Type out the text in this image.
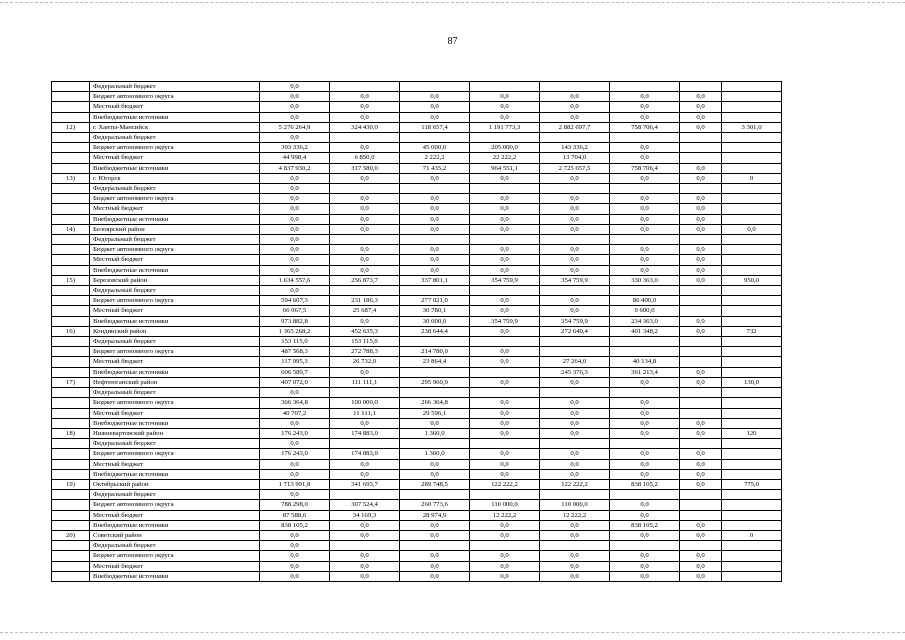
87
	Федеральный бюджет	0,0							
	Бюджет автономного округа	0,0	0,0	0,0	0,0	0,0	0,0	0,0	
	Местный бюджет	0,0	0,0	0,0	0,0	0,0	0,0	0,0	
	Внебюджетные источники	0,0	0,0	0,0	0,0	0,0	0,0	0,0	
12)	г. Ханты-Мансийск	5 276 264,9	324 430,0	118 657,4	1 191 773,3	2 882 697,7	758 706,4	0,0	3 301,0
	Федеральный бюджет	0,0							
	Бюджет автономного округа	393 336,2	0,0	45 000,0	205 000,0	143 336,2	0,0		
	Местный бюджет	44 998,4	6 850,0	2 222,2	22 222,2	13 704,0	0,0		
	Внебюджетные источники	4 837 930,2	317 580,0	71 435,2	964 551,1	2 725 657,5	758 706,4	0,0	
13)	г. Югорск	0,0	0,0	0,0	0,0	0,0	0,0	0,0	0
	Федеральный бюджет	0,0							
	Бюджет автономного округа	0,0	0,0	0,0	0,0	0,0	0,0	0,0	
	Местный бюджет	0,0	0,0	0,0	0,0	0,0	0,0	0,0	
	Внебюджетные источники	0,0	0,0	0,0	0,0	0,0	0,0	0,0	
14)	Белоярский район	0,0	0,0	0,0	0,0	0,0	0,0	0,0	0,0
	Федеральный бюджет	0,0							
	Бюджет автономного округа	0,0	0,0	0,0	0,0	0,0	0,0	0,0	
	Местный бюджет	0,0	0,0	0,0	0,0	0,0	0,0	0,0	
	Внебюджетные источники	0,0	0,0	0,0	0,0	0,0	0,0	0,0	
15)	Березовский район	1 634 557,6	256 873,7	337 801,1	354 759,9	354 759,9	330 363,0	0,0	950,0
	Федеральный бюджет	0,0							
	Бюджет автономного округа	594 607,3	231 186,3	277 021,0	0,0	0,0	86 400,0		
	Местный бюджет	66 067,5	25 687,4	30 780,1	0,0	0,0	9 600,0		
	Внебюджетные источники	973 882,8	0,0	30 000,0	354 759,9	354 759,9	234 363,0	0,0	
16)	Кондинский район	1 365 268,2	452 635,3	238 644,4	0,0	272 640,4	401 348,2	0,0	732
	Федеральный бюджет	153 115,0	153 115,0						
	Бюджет автономного округа	487 568,3	272 788,3	214 780,0	0,0				
	Местный бюджет	117 995,3	26 732,0	23 864,4	0,0	27 264,0	40 134,8		
	Внебюджетные источники	606 589,7	0,0			245 376,3	361 213,4	0,0	
17)	Нефтеюганский район	407 072,0	111 111,1	295 960,9	0,0	0,0	0,0	0,0	130,0
	Федеральный бюджет	0,0							
	Бюджет автономного округа	366 364,8	100 000,0	266 364,8	0,0	0,0	0,0		
	Местный бюджет	40 707,2	11 111,1	29 596,1	0,0	0,0	0,0		
	Внебюджетные источники	0,0	0,0	0,0	0,0	0,0	0,0	0,0	
18)	Нижневартовский район	176 243,0	174 883,0	1 360,0	0,0	0,0	0,0	0,0	120
	Федеральный бюджет	0,0							
	Бюджет автономного округа	176 243,0	174 883,0	1 360,0	0,0	0,0	0,0	0,0	
	Местный бюджет	0,0	0,0	0,0	0,0	0,0	0,0	0,0	
	Внебюджетные источники	0,0	0,0	0,0	0,0	0,0	0,0	0,0	
19)	Октябрьский район	1 713 991,8	341 693,7	289 748,5	122 222,2	122 222,2	838 105,2	0,0	775,0
	Федеральный бюджет	0,0							
	Бюджет автономного округа	788 298,0	307 524,4	260 773,6	110 000,0	110 000,0	0,0		
	Местный бюджет	87 588,6	34 169,3	28 974,9	12 222,2	12 222,2	0,0		
	Внебюджетные источники	838 105,2	0,0	0,0	0,0	0,0	838 105,2	0,0	
20)	Советский район	0,0	0,0	0,0	0,0	0,0	0,0	0,0	0
	Федеральный бюджет	0,0							
	Бюджет автономного округа	0,0	0,0	0,0	0,0	0,0	0,0	0,0	
	Местный бюджет	0,0	0,0	0,0	0,0	0,0	0,0	0,0	
	Внебюджетные источники	0,0	0,0	0,0	0,0	0,0	0,0	0,0	
